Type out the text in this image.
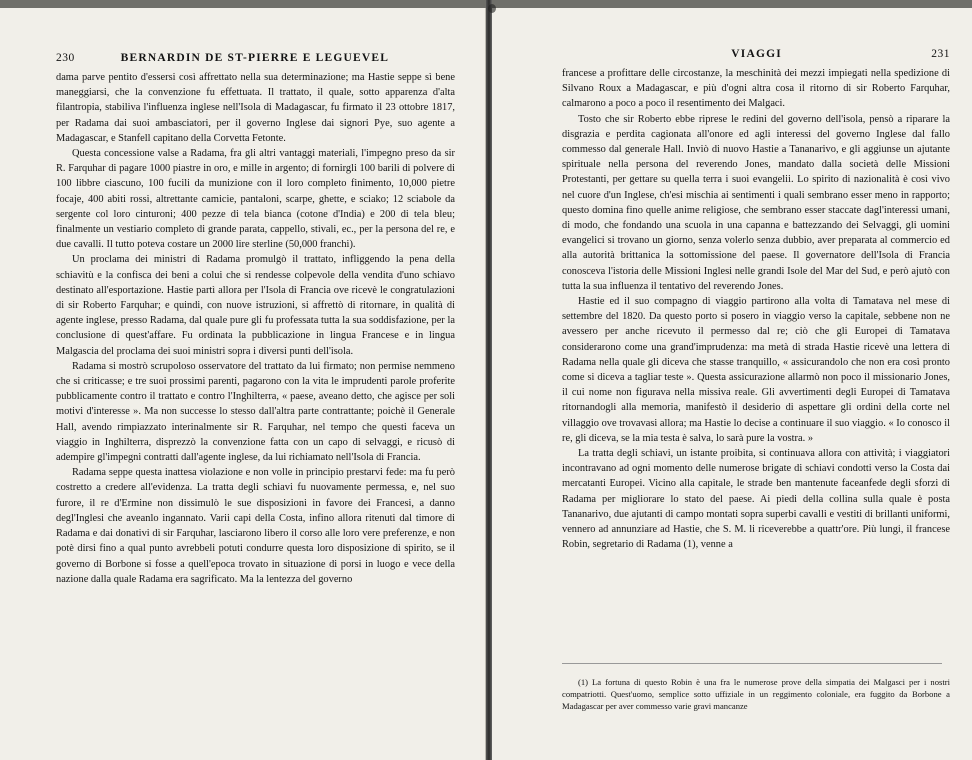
230	BERNARDIN DE ST-PIERRE E LEGUEVEL

dama parve pentito d'essersi così affrettato nella sua determinazione; ma Hastie seppe sì bene maneggiarsi, che la convenzione fu effettuata. Il trattato, il quale, sotto apparenza d'alta filantropia, stabiliva l'influenza inglese nell'Isola di Madagascar, fu firmato il 23 ottobre 1817, per Radama dai suoi ambasciatori, per il governo Inglese dai signori Pye, suo agente a Madagascar, e Stanfell capitano della Corvetta Fetonte.

Questa concessione valse a Radama, fra gli altri vantaggi materiali, l'impegno preso da sir R. Farquhar di pagare 1000 piastre in oro, e mille in argento; di fornirgli 100 barili di polvere di 100 libbre ciascuno, 100 fucili da munizione con il loro completo finimento, 10,000 pietre focaje, 400 abiti rossi, altrettante camicie, pantaloni, scarpe, ghette, e sciako; 12 sciabole da sergente col loro cinturoni; 400 pezze di tela bianca (cotone d'India) e 200 di tela bleu; finalmente un vestiario completo di grande parata, cappello, stivali, ec., per la persona del re, e due cavalli. Il tutto poteva costare un 2000 lire sterline (50,000 franchi).

Un proclama dei ministri di Radama promulgò il trattato, infliggendo la pena della schiavitù e la confisca dei beni a colui che si rendesse colpevole della vendita d'uno schiavo destinato all'esportazione. Hastie partì allora per l'Isola di Francia ove ricevè le congratulazioni di sir Roberto Farquhar; e quindi, con nuove istruzioni, si affrettò di ritornare, in qualità di agente inglese, presso Radama, dal quale pure gli fu professata tutta la sua soddisfazione, per la conclusione di quest'affare. Fu ordinata la pubblicazione in lingua Francese e in lingua Malgascia del proclama dei suoi ministri sopra i diversi punti dell'isola.

Radama si mostrò scrupoloso osservatore del trattato da lui firmato; non permise nemmeno che si criticasse; e tre suoi prossimi parenti, pagarono con la vita le imprudenti parole proferite pubblicamente contro il trattato e contro l'Inghilterra, « paese, aveano detto, che agisce per soli motivi d'interesse ». Ma non successe lo stesso dall'altra parte contrattante; poichè il Generale Hall, avendo rimpiazzato interinalmente sir R. Farquhar, nel tempo che questi faceva un viaggio in Inghilterra, disprezzò la convenzione fatta con un capo di selvaggi, e ricusò di adempire gl'impegni contratti dall'agente inglese, da lui richiamato nell'Isola di Francia.

Radama seppe questa inattesa violazione e non volle in principio prestarvi fede: ma fu però costretto a credere all'evidenza. La tratta degli schiavi fu nuovamente permessa, e, nel suo furore, il re d'Ermine non dissimulò le sue disposizioni in favore dei Francesi, a danno degl'Inglesi che aveanlo ingannato. Varii capi della Costa, infino allora ritenuti dal timore di Radama e dai donativi di sir Farquhar, lasciarono libero il corso alle loro vere preferenze, e non potè dirsi fino a qual punto avrebbeli potuti condurre questa loro disposizione di spirito, se il governo di Borbone si fosse a quell'epoca trovato in situazione di porsi in luogo e vece della nazione dalla quale Radama era sagrificato. Ma la lentezza del governo

VIAGGI	231

francese a profittare delle circostanze, la meschinità dei mezzi impiegati nella spedizione di Silvano Roux a Madagascar, e più d'ogni altra cosa il ritorno di sir Roberto Farquhar, calmarono a poco a poco il resentimento dei Malgaci.

Tosto che sir Roberto ebbe riprese le redini del governo dell'isola, pensò a riparare la disgrazia e perdita cagionata all'onore ed agli interessi del governo Inglese dal fallo commesso dal generale Hall. Inviò di nuovo Hastie a Tananarivo, e gli aggiunse un ajutante spirituale nella persona del reverendo Jones, mandato dalla società delle Missioni Protestanti, per gettare su quella terra i suoi evangelii. Lo spirito di nazionalità è così vivo nel cuore d'un Inglese, ch'esi mischia ai sentimenti i quali sembrano esser meno in rapporto; questo domina fino quelle anime religiose, che sembrano esser staccate dagl'interessi umani, di modo, che fondando una scuola in una capanna e battezzando dei Selvaggi, gli uomini evangelici si trovano un giorno, senza volerlo senza dubbio, aver preparata al commercio ed alla autorità brittanica la sottomissione del paese. Il governatore dell'Isola di Francia conosceva l'istoria delle Missioni Inglesi nelle grandi Isole del Mar del Sud, e però ajutò con tutta la sua influenza il tentativo del reverendo Jones.

Hastie ed il suo compagno di viaggio partirono alla volta di Tamatava nel mese di settembre del 1820. Da questo porto si posero in viaggio verso la capitale, sebbene non ne avessero per anche ricevuto il permesso dal re; ciò che gli Europei di Tamatava considerarono come una grand'imprudenza: ma metà di strada Hastie ricevè una lettera di Radama nella quale gli diceva che stasse tranquillo, « assicurandolo che non era così pronto come si diceva a tagliar teste ». Questa assicurazione allarmò non poco il missionario Jones, il cui nome non figurava nella missiva reale. Gli avvertimenti degli Europei di Tamatava ritornandogli alla memoria, manifestò il desiderio di aspettare gli ordini della corte nel villaggio ove trovavasi allora; ma Hastie lo decise a continuare il suo viaggio. « Io conosco il re, gli diceva, se la mia testa è salva, lo sarà pure la vostra. »

La tratta degli schiavi, un istante proibita, si continuava allora con attività; i viaggiatori incontravano ad ogni momento delle numerose brigate di schiavi condotti verso la Costa dai mercatanti Europei. Vicino alla capitale, le strade ben mantenute faceanfede degli sforzi di Radama per migliorare lo stato del paese. Ai piedi della collina sulla quale è posta Tananarivo, due ajutanti di campo montati sopra superbi cavalli e vestiti di brillanti uniformi, vennero ad annunziare ad Hastie, che S. M. li riceverebbe a quattr'ore. Più lungi, il francese Robin, segretario di Radama (1), venne a

(1) La fortuna di questo Robin è una fra le numerose prove della simpatia dei Malgasci per i nostri compatriotti. Quest'uomo, semplice sotto uffiziale in un reggimento coloniale, era fuggito da Borbone a Madagascar per aver commesso varie gravi mancanze
